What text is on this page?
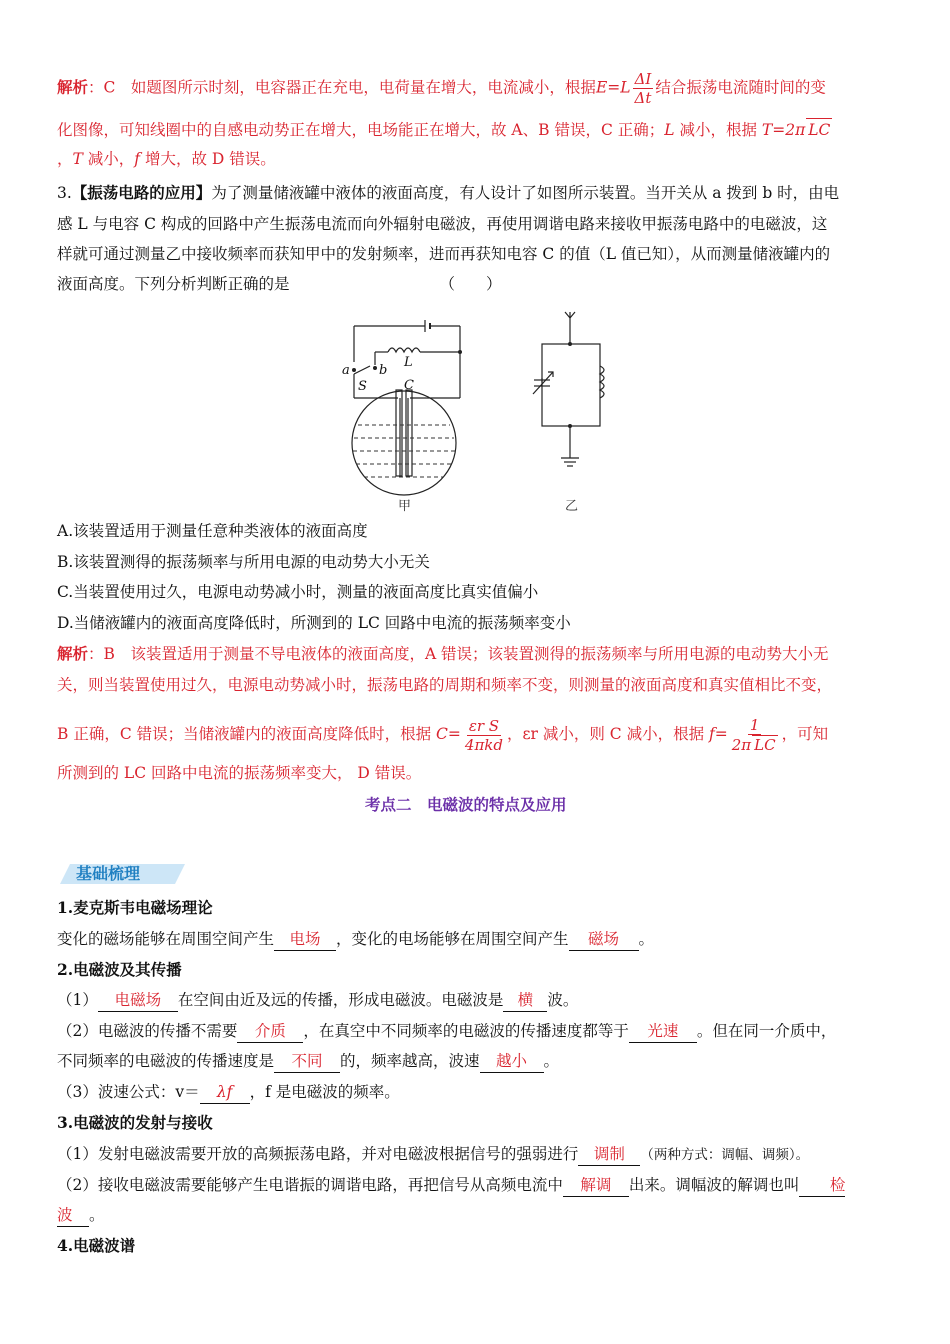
解析：C　 如题图所示时刻，电容器正在充电，电荷量在增大，电流减小，根据$E=L \frac{\Delta I}{\Delta t}$ 结合振荡电流随时间的变
化图像，可知线圈中的自感电动势正在增大，电场能正在增大，故 A、B 错误，C 正确；L 减小，根据 T=2π LC
，T 减小，f 增大，故 D 错误。
3.【振荡电路的应用】为了测量储液罐中液体的液面高度，有人设计了如图所示装置。当开关从 a 拨到 b 时，由电
感 L 与电容 C 构成的回路中产生振荡电流而向外辐射电磁波，再使用调谐电路来接收甲振荡电路中的电磁波，这
样就可通过测量乙中接收频率而获知甲中的发射频率，进而再获知电容 C 的值（L 值已知），从而测量储液罐内的
液面高度。下列分析判断正确的是	（　　）
a b
S	C
L
甲	乙
A.该装置适用于测量任意种类液体的液面高度
B.该装置测得的振荡频率与所用电源的电动势大小无关
C.当装置使用过久，电源电动势减小时，测量的液面高度比真实值偏小
D.当储液罐内的液面高度降低时，所测到的 LC 回路中电流的振荡频率变小
解析：B　 该装置适用于测量不导电液体的液面高度，A 错误；该装置测得的振荡频率与所用电源的电动势大小无
关，则当装置使用过久，电源电动势减小时，振荡电路的周期和频率不变，则测量的液面高度和真实值相比不变，
B 正确，C 错误；当储液罐内的液面高度降低时，根据 $C= \frac{\text{εr S}}{\text{4πkd}}$ ，εr 减小，则 C 减小，根据 $f= \frac{1}{\text{2π LC}}$ ，可知
所测到的 LC 回路中电流的振荡频率变大， D 错误。
考点二　电磁波的特点及应用
基础梳理
1.麦克斯韦电磁场理论
变化的磁场能够在周围空间产生 电场 ，变化的电场能够在周围空间产生 磁场 。
2.电磁波及其传播
（1） 电磁场 在空间由近及远的传播，形成电磁波。电磁波是 横 波。
（2）电磁波的传播不需要 介质 ，在真空中不同频率的电磁波的传播速度都等于 光速 。但在同一介质中，
不同频率的电磁波的传播速度是 不同 的，频率越高，波速 越小 。
（3）波速公式：v＝ λf ，f 是电磁波的频率。
3.电磁波的发射与接收
（1）发射电磁波需要开放的高频振荡电路，并对电磁波根据信号的强弱进行 调制 （两种方式：调幅、调频）。
（2）接收电磁波需要能够产生电谐振的调谐电路，再把信号从高频电流中 解调 出来。调幅波的解调也叫 检
波 。
4.电磁波谱
